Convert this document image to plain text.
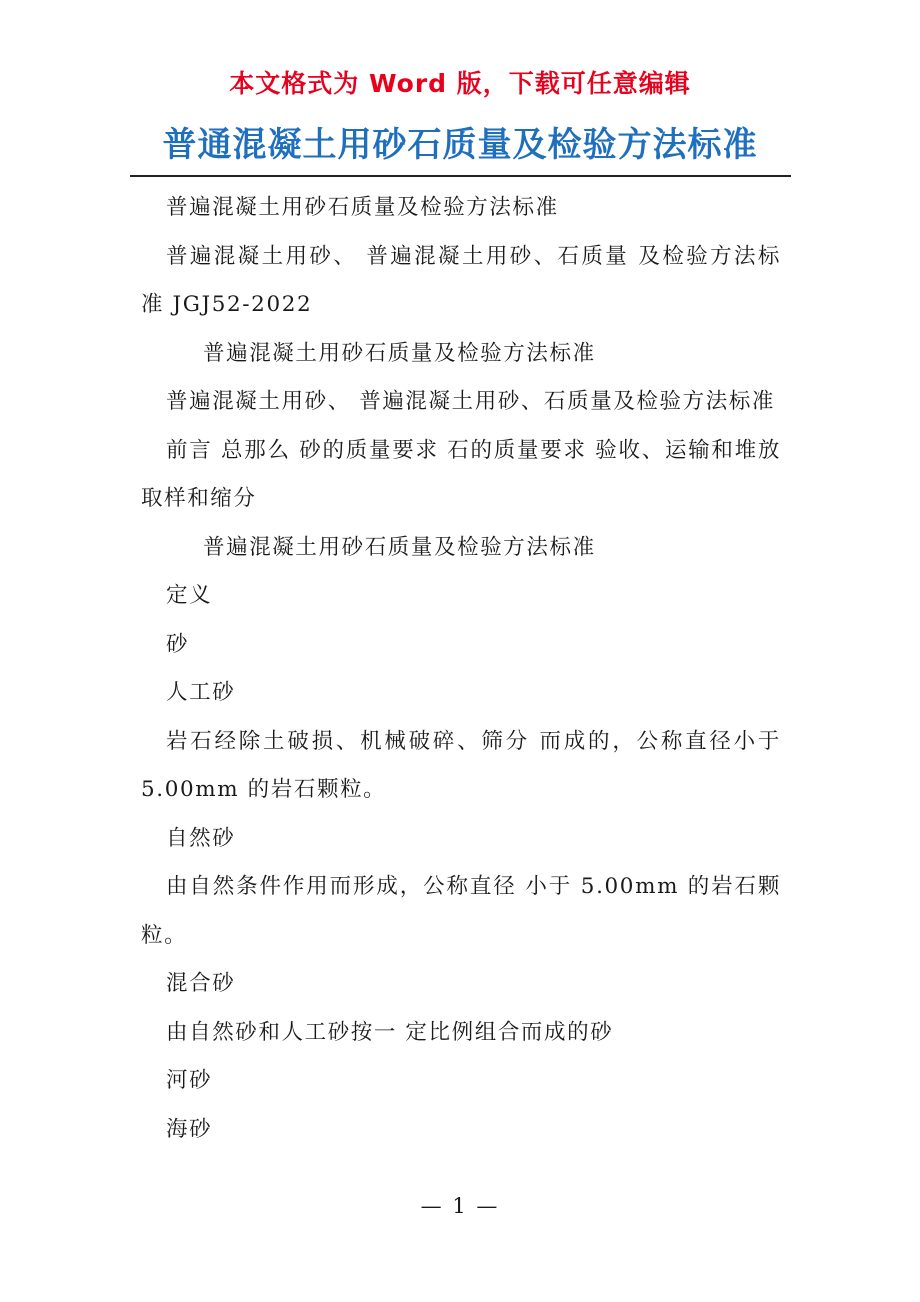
本文格式为 Word 版，下载可任意编辑
普通混凝土用砂石质量及检验方法标准

普遍混凝土用砂石质量及检验方法标准

普遍混凝土用砂、 普遍混凝土用砂、石质量 及检验方法标准 JGJ52-2022

普遍混凝土用砂石质量及检验方法标准

普遍混凝土用砂、 普遍混凝土用砂、石质量及检验方法标准

前言 总那么 砂的质量要求 石的质量要求 验收、运输和堆放 取样和缩分

普遍混凝土用砂石质量及检验方法标准

定义

砂

人工砂

岩石经除土破损、机械破碎、筛分 而成的，公称直径小于 5.00mm 的岩石颗粒。

自然砂

由自然条件作用而形成，公称直径 小于 5.00mm 的岩石颗粒。

混合砂

由自然砂和人工砂按一 定比例组合而成的砂

河砂

海砂

— 1 —
